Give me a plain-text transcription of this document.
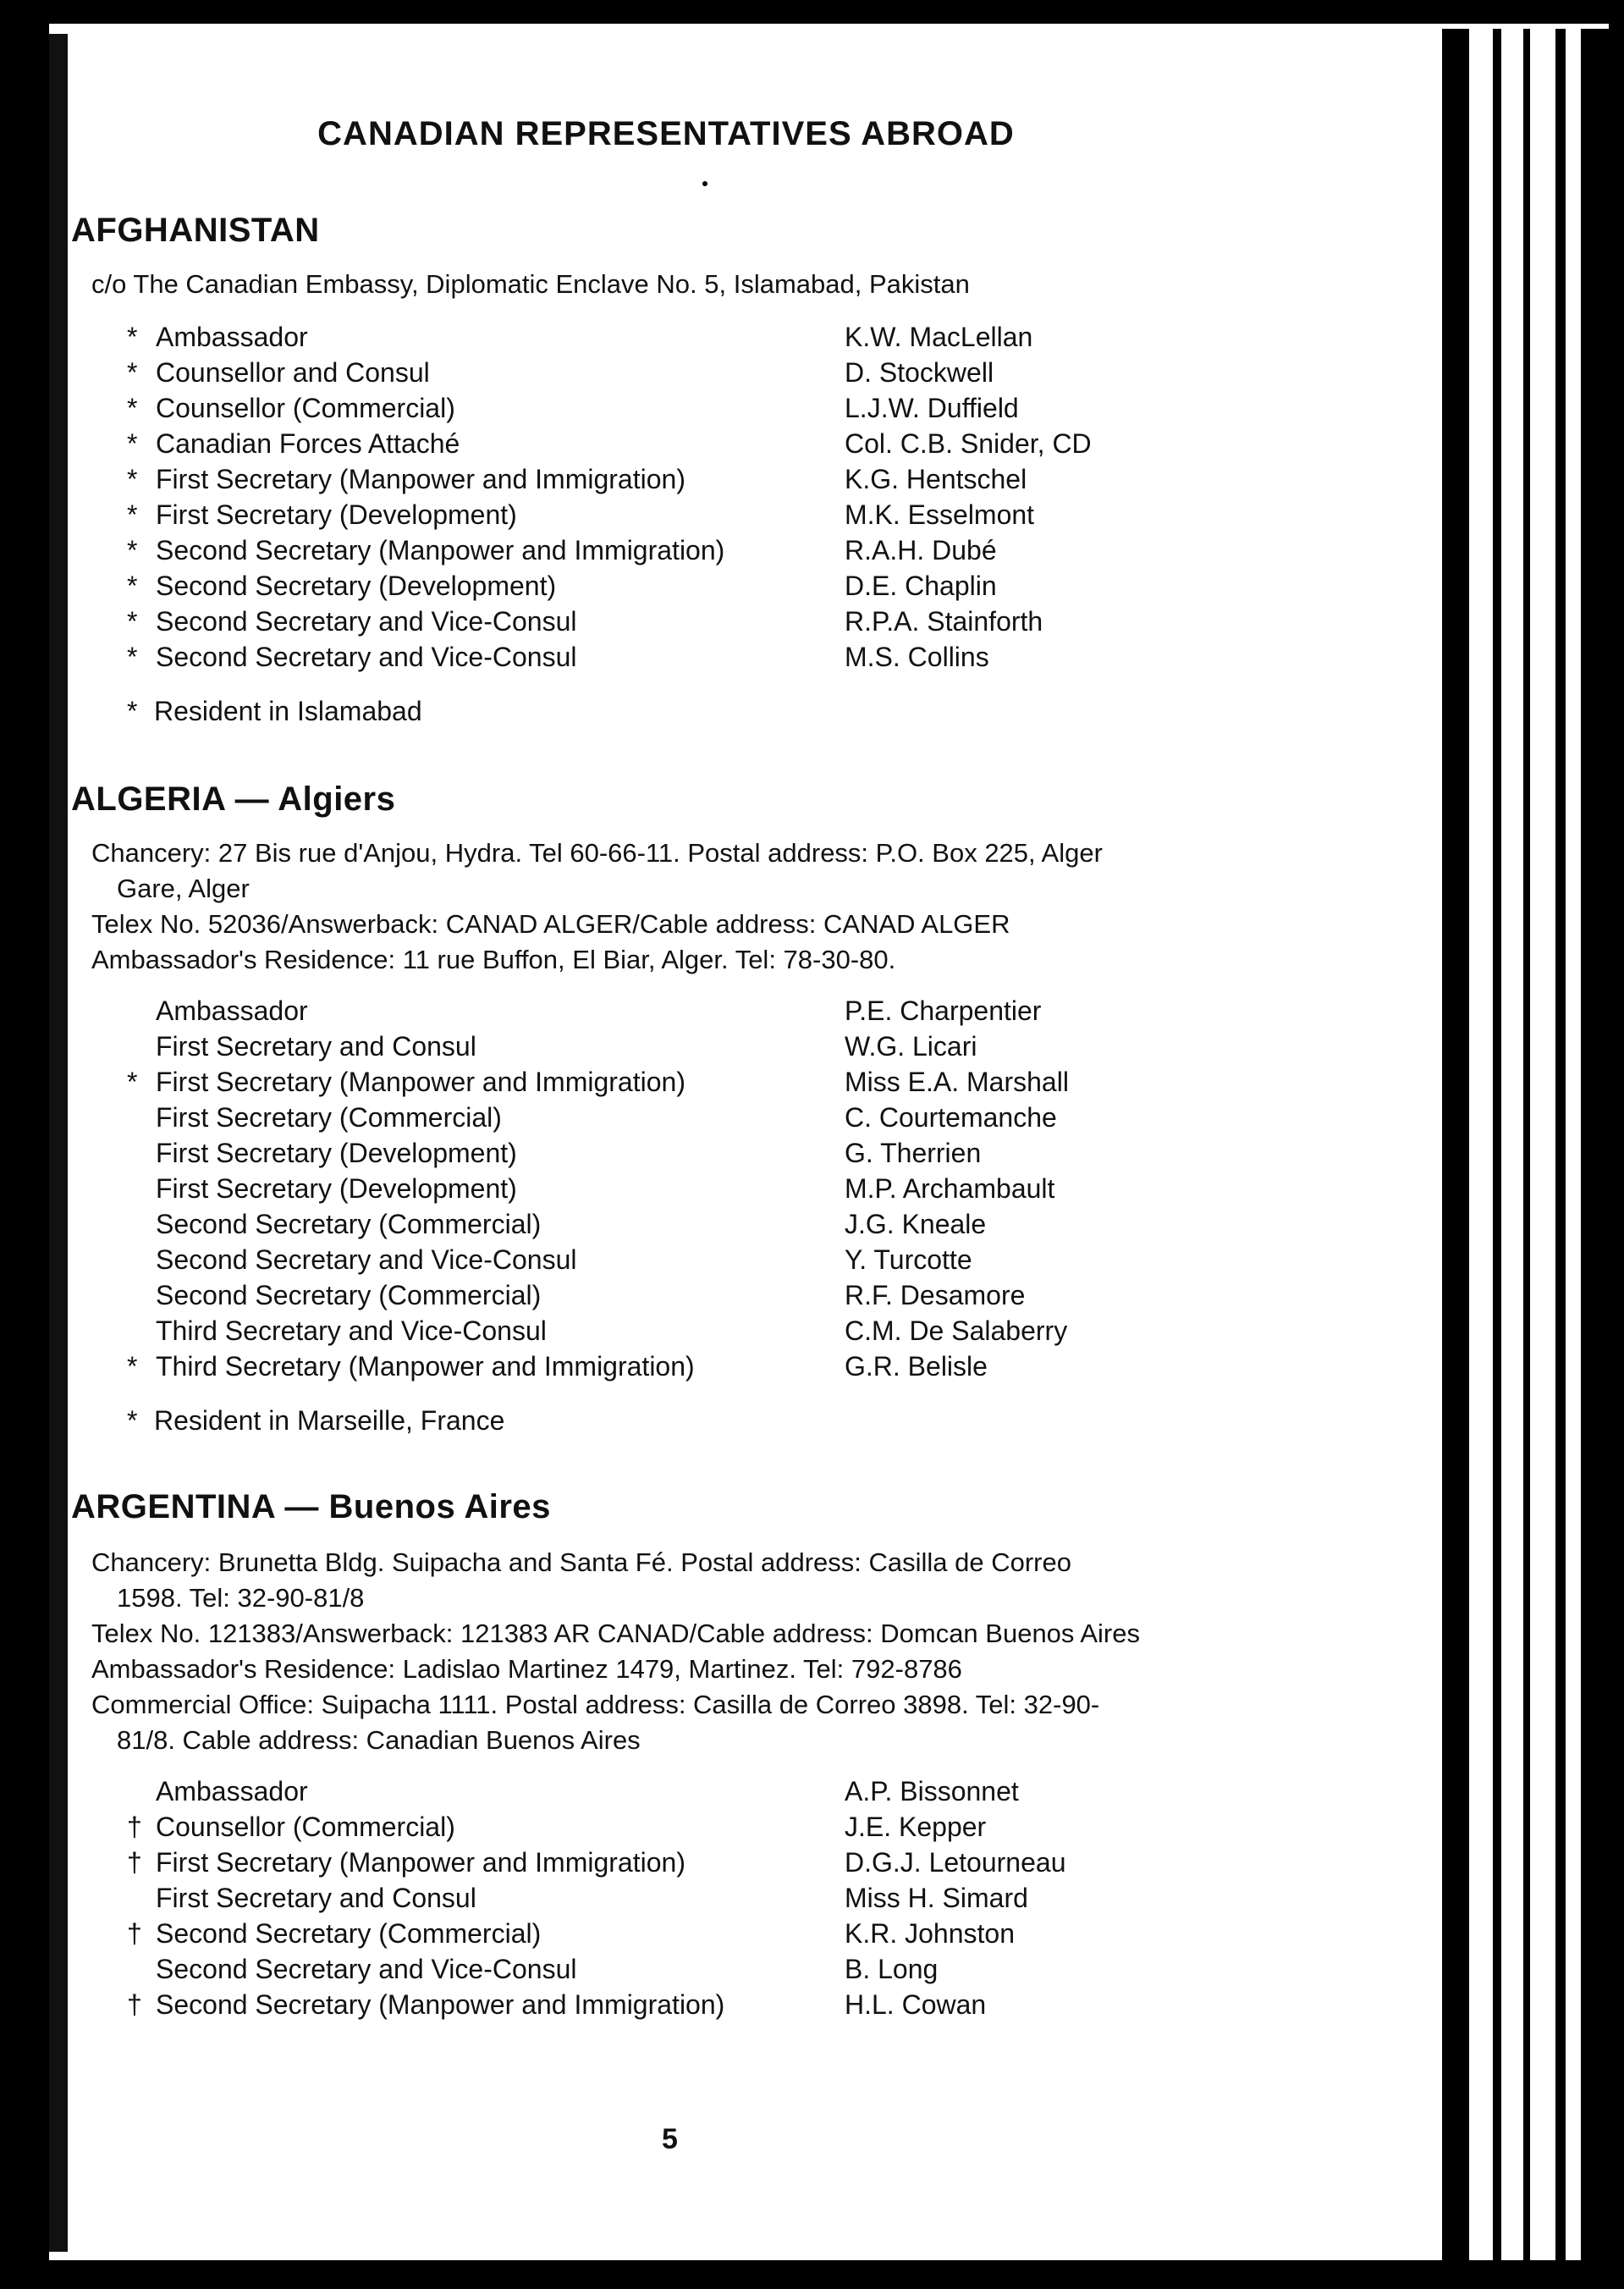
CANADIAN REPRESENTATIVES ABROAD
AFGHANISTAN
c/o The Canadian Embassy, Diplomatic Enclave No. 5, Islamabad, Pakistan
* Ambassador	K.W. MacLellan
* Counsellor and Consul	D. Stockwell
* Counsellor (Commercial)	L.J.W. Duffield
* Canadian Forces Attaché	Col. C.B. Snider, CD
* First Secretary (Manpower and Immigration)	K.G. Hentschel
* First Secretary (Development)	M.K. Esselmont
* Second Secretary (Manpower and Immigration)	R.A.H. Dubé
* Second Secretary (Development)	D.E. Chaplin
* Second Secretary and Vice-Consul	R.P.A. Stainforth
* Second Secretary and Vice-Consul	M.S. Collins
* Resident in Islamabad
ALGERIA — Algiers
Chancery: 27 Bis rue d'Anjou, Hydra. Tel 60-66-11. Postal address: P.O. Box 225, Alger
Gare, Alger
Telex No. 52036/Answerback: CANAD ALGER/Cable address: CANAD ALGER
Ambassador's Residence: 11 rue Buffon, El Biar, Alger. Tel: 78-30-80.
Ambassador	P.E. Charpentier
First Secretary and Consul	W.G. Licari
* First Secretary (Manpower and Immigration)	Miss E.A. Marshall
First Secretary (Commercial)	C. Courtemanche
First Secretary (Development)	G. Therrien
First Secretary (Development)	M.P. Archambault
Second Secretary (Commercial)	J.G. Kneale
Second Secretary and Vice-Consul	Y. Turcotte
Second Secretary (Commercial)	R.F. Desamore
Third Secretary and Vice-Consul	C.M. De Salaberry
* Third Secretary (Manpower and Immigration)	G.R. Belisle
* Resident in Marseille, France
ARGENTINA — Buenos Aires
Chancery: Brunetta Bldg. Suipacha and Santa Fé. Postal address: Casilla de Correo
1598. Tel: 32-90-81/8
Telex No. 121383/Answerback: 121383 AR CANAD/Cable address: Domcan Buenos Aires
Ambassador's Residence: Ladislao Martinez 1479, Martinez. Tel: 792-8786
Commercial Office: Suipacha 1111. Postal address: Casilla de Correo 3898. Tel: 32-90-
81/8. Cable address: Canadian Buenos Aires
Ambassador	A.P. Bissonnet
† Counsellor (Commercial)	J.E. Kepper
† First Secretary (Manpower and Immigration)	D.G.J. Letourneau
First Secretary and Consul	Miss H. Simard
† Second Secretary (Commercial)	K.R. Johnston
Second Secretary and Vice-Consul	B. Long
† Second Secretary (Manpower and Immigration)	H.L. Cowan
5
